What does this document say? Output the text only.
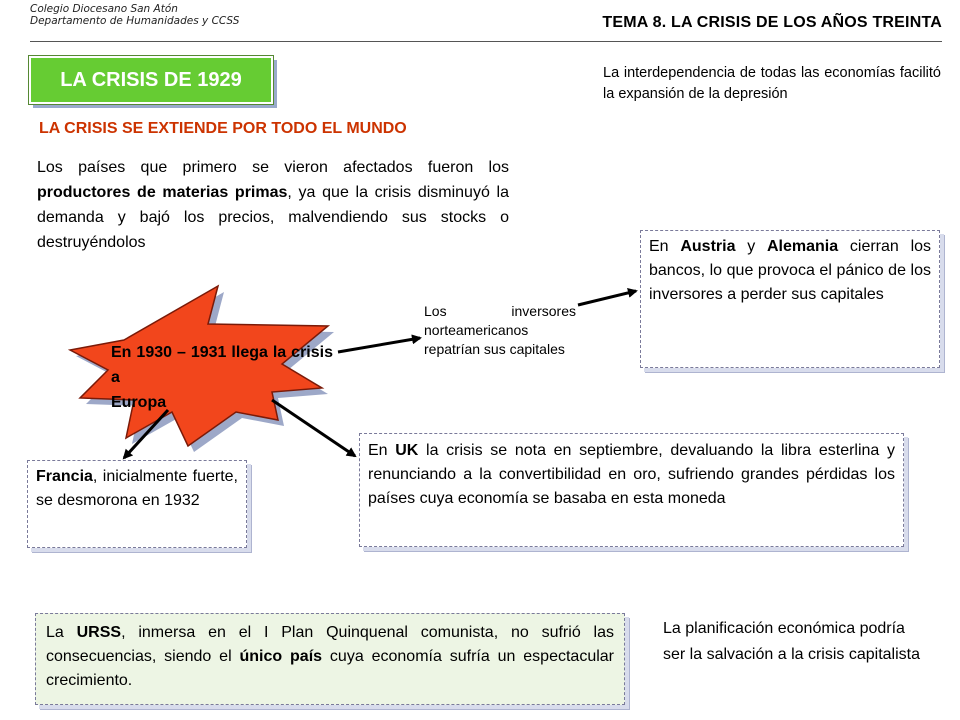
Colegio Diocesano San Atón
Departamento de Humanidades y CCSS	TEMA 8. LA CRISIS DE LOS AÑOS TREINTA
LA CRISIS DE 1929
LA CRISIS SE EXTIENDE POR TODO EL MUNDO
Los países que primero se vieron afectados fueron los productores de materias primas, ya que la crisis disminuyó la demanda y bajó los precios, malvendiendo sus stocks o destruyéndolos
La interdependencia de todas las economías facilitó la expansión de la depresión
En 1930 – 1931 llega la crisis a
Europa
Los inversores norteamericanos repatrían sus capitales
En Austria y Alemania cierran los bancos, lo que provoca el pánico de los inversores a perder sus capitales
Francia, inicialmente fuerte, se desmorona en 1932
En UK la crisis se nota en septiembre, devaluando la libra esterlina y renunciando a la convertibilidad en oro, sufriendo grandes pérdidas los países cuya economía se basaba en esta moneda
La URSS, inmersa en el I Plan Quinquenal comunista, no sufrió las consecuencias, siendo el único país cuya economía sufría un espectacular crecimiento.
La planificación económica podría ser la salvación a la crisis capitalista
